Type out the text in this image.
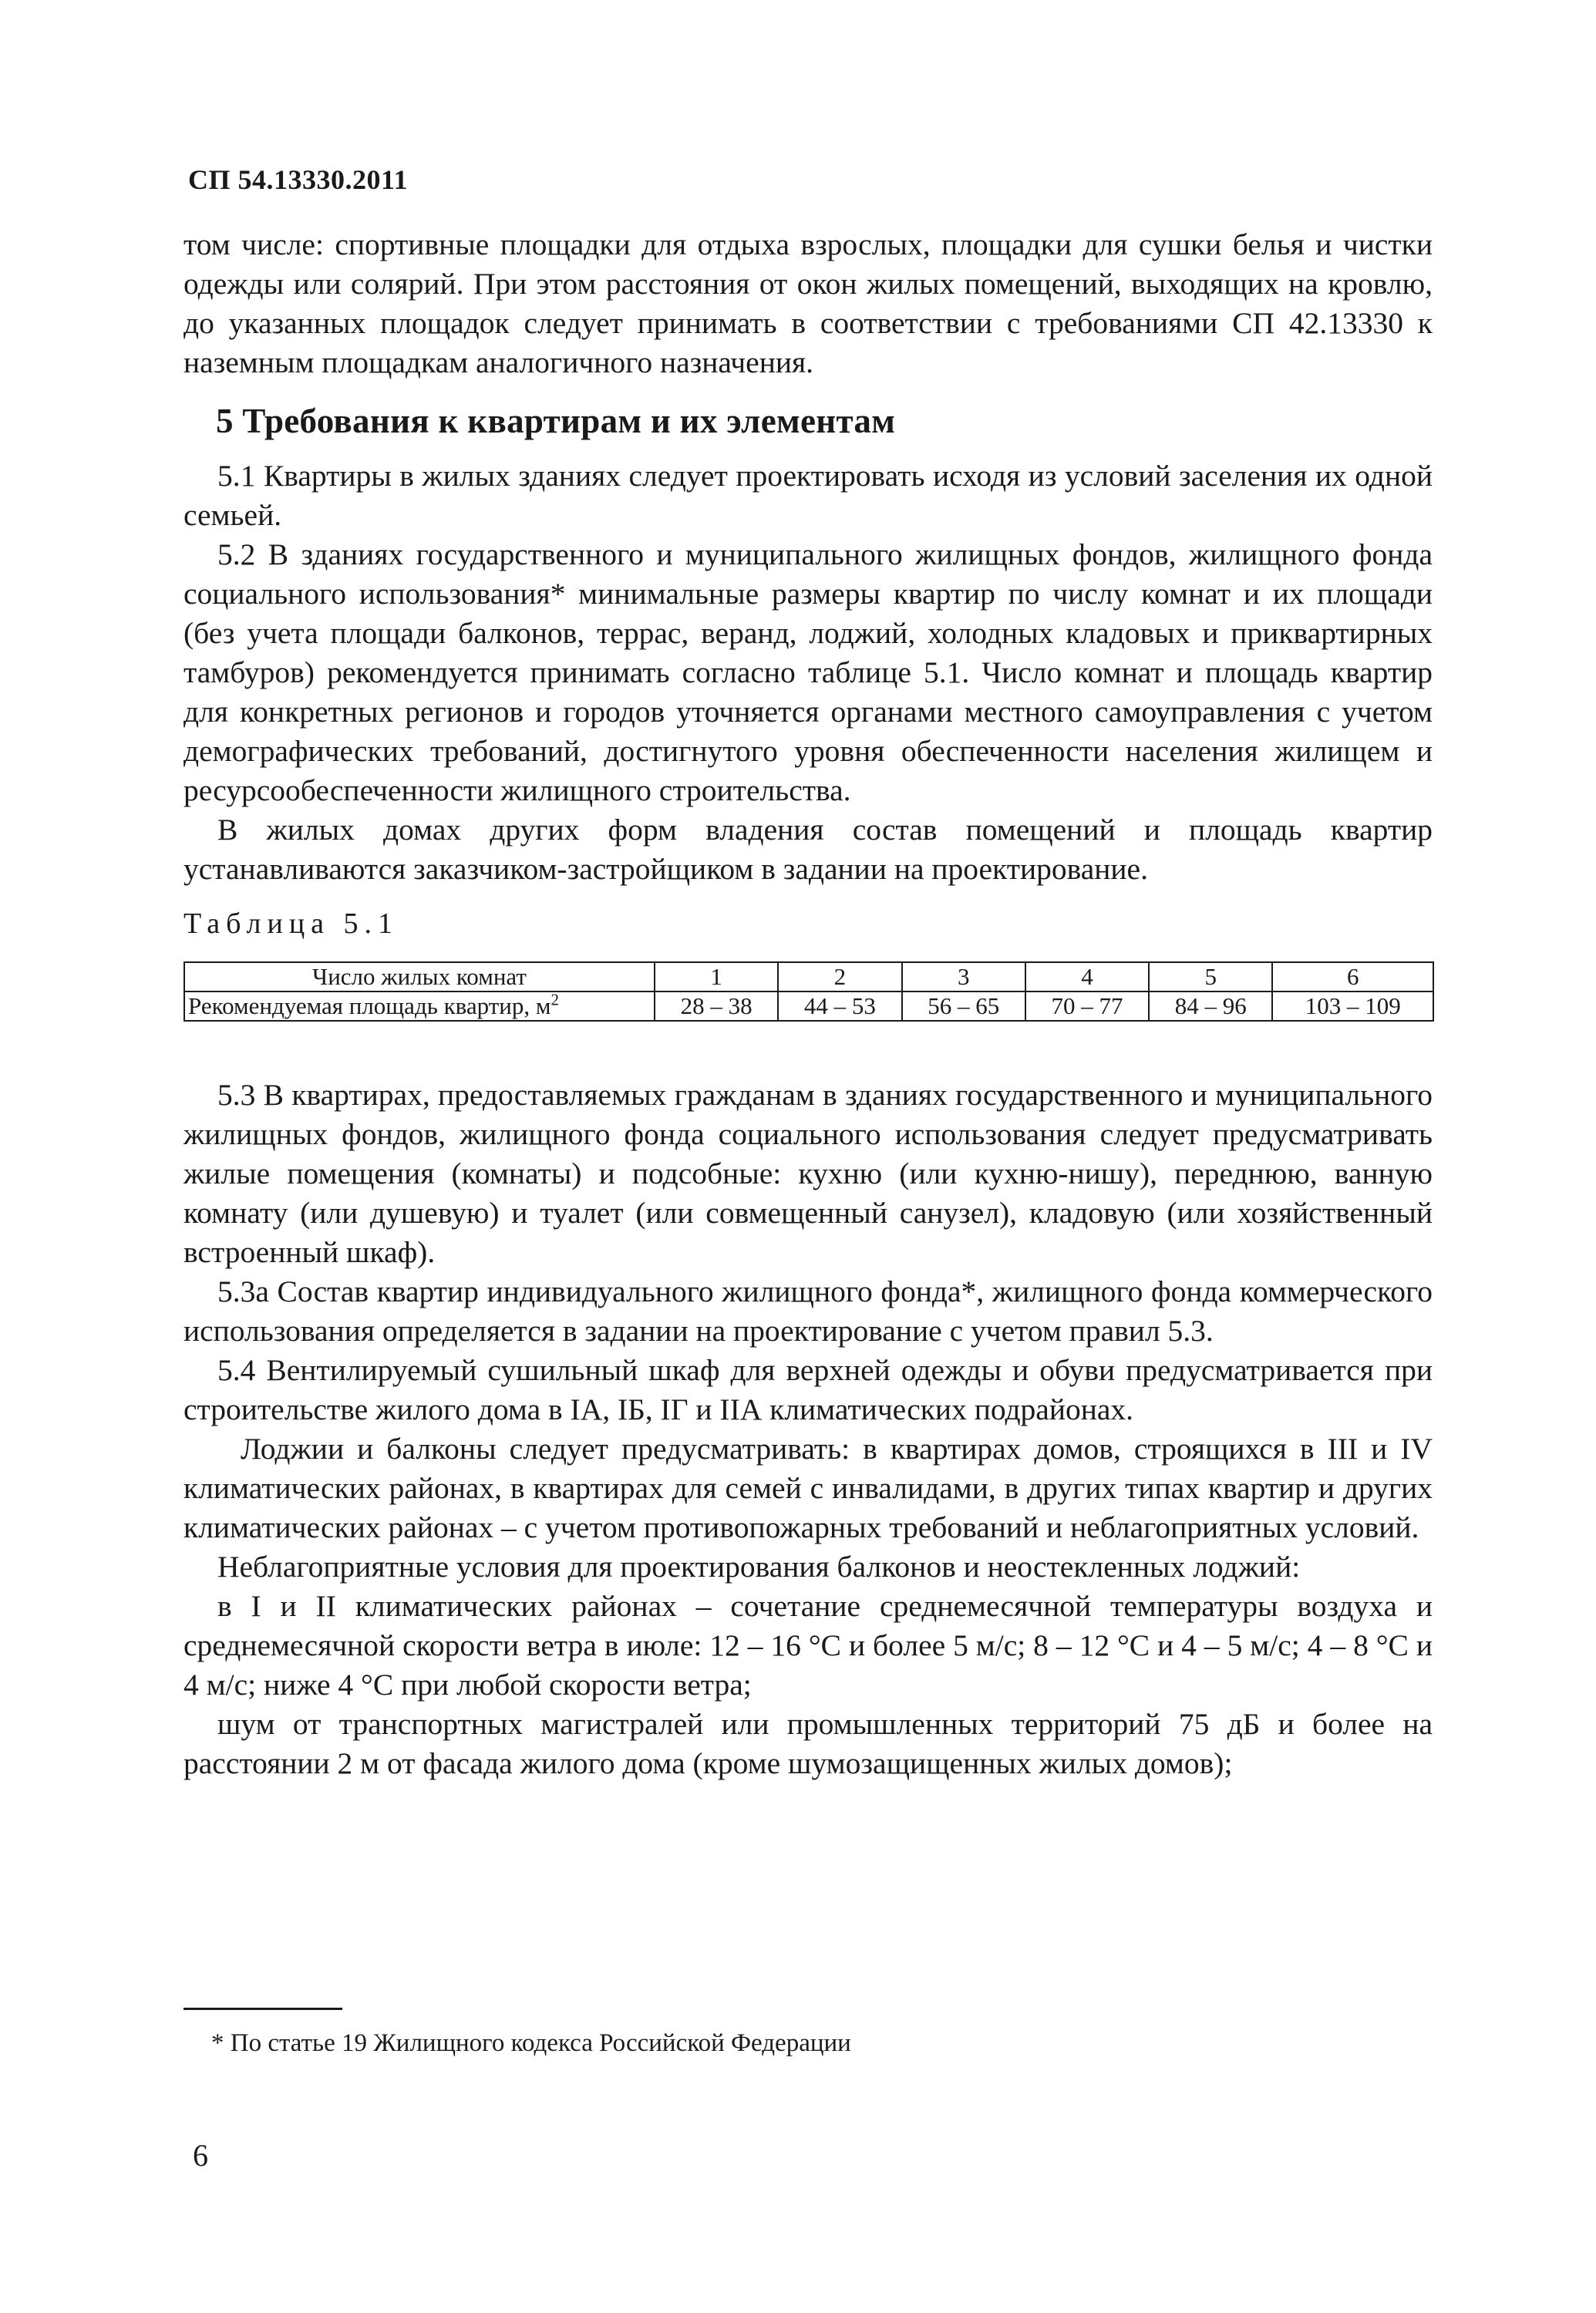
СП 54.13330.2011

том числе: спортивные площадки для отдыха взрослых, площадки для сушки белья и чистки одежды или солярий. При этом расстояния от окон жилых помещений, выходящих на кровлю, до указанных площадок следует принимать в соответствии с требованиями СП 42.13330 к наземным площадкам аналогичного назначения.

5 Требования к квартирам и их элементам

5.1 Квартиры в жилых зданиях следует проектировать исходя из условий заселения их одной семьей.

5.2 В зданиях государственного и муниципального жилищных фондов, жилищного фонда социального использования* минимальные размеры квартир по числу комнат и их площади (без учета площади балконов, террас, веранд, лоджий, холодных кладовых и приквартирных тамбуров) рекомендуется принимать согласно таблице 5.1. Число комнат и площадь квартир для конкретных регионов и городов уточняется органами местного самоуправления с учетом демографических требований, достигнутого уровня обеспеченности населения жилищем и ресурсообеспеченности жилищного строительства.

В жилых домах других форм владения состав помещений и площадь квартир устанавливаются заказчиком-застройщиком в задании на проектирование.

Таблица 5.1
Число жилых комнат	1	2	3	4	5	6
Рекомендуемая площадь квартир, $м^2$	28 – 38	44 – 53	56 – 65	70 – 77	84 – 96	103 – 109

5.3 В квартирах, предоставляемых гражданам в зданиях государственного и муниципального жилищных фондов, жилищного фонда социального использования следует предусматривать жилые помещения (комнаты) и подсобные: кухню (или кухню-нишу), переднюю, ванную комнату (или душевую) и туалет (или совмещенный санузел), кладовую (или хозяйственный встроенный шкаф).

5.3а Состав квартир индивидуального жилищного фонда*, жилищного фонда коммерческого использования определяется в задании на проектирование с учетом правил 5.3.

5.4 Вентилируемый сушильный шкаф для верхней одежды и обуви предусматривается при строительстве жилого дома в IА, IБ, IГ и IIА климатических подрайонах.

Лоджии и балконы следует предусматривать: в квартирах домов, строящихся в III и IV климатических районах, в квартирах для семей с инвалидами, в других типах квартир и других климатических районах – с учетом противопожарных требований и неблагоприятных условий.

Неблагоприятные условия для проектирования балконов и неостекленных лоджий:

в I и II климатических районах – сочетание среднемесячной температуры воздуха и среднемесячной скорости ветра в июле: 12 – 16 °С и более 5 м/с; 8 – 12 °С и 4 – 5 м/с; 4 – 8 °С и 4 м/с; ниже 4 °С при любой скорости ветра;

шум от транспортных магистралей или промышленных территорий 75 дБ и более на расстоянии 2 м от фасада жилого дома (кроме шумозащищенных жилых домов);

* По статье 19 Жилищного кодекса Российской Федерации
6
